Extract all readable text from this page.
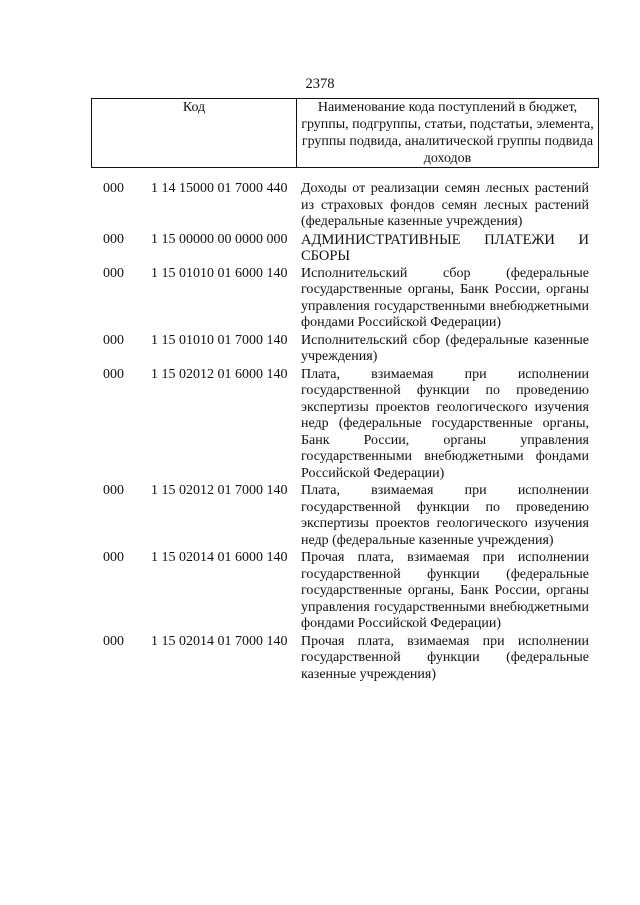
2378
Код	Наименование кода поступлений в бюджет, группы, подгруппы, статьи, подстатьи, элемента, группы подвида, аналитической группы подвида доходов
000	1 14 15000 01 7000 440 Доходы от реализации семян лесных растений из страховых фондов семян лесных растений (федеральные казенные учреждения)
000	1 15 00000 00 0000 000 АДМИНИСТРАТИВНЫЕ ПЛАТЕЖИ И СБОРЫ
000	1 15 01010 01 6000 140 Исполнительский сбор (федеральные государственные органы, Банк России, органы управления государственными внебюджетными фондами Российской Федерации)
000	1 15 01010 01 7000 140 Исполнительский сбор (федеральные казенные учреждения)
000	1 15 02012 01 6000 140 Плата, взимаемая при исполнении государственной функции по проведению экспертизы проектов геологического изучения недр (федеральные государственные органы, Банк России, органы управления государственными внебюджетными фондами Российской Федерации)
000	1 15 02012 01 7000 140 Плата, взимаемая при исполнении государственной функции по проведению экспертизы проектов геологического изучения недр (федеральные казенные учреждения)
000	1 15 02014 01 6000 140 Прочая плата, взимаемая при исполнении государственной функции (федеральные государственные органы, Банк России, органы управления государственными внебюджетными фондами Российской Федерации)
000	1 15 02014 01 7000 140 Прочая плата, взимаемая при исполнении государственной функции (федеральные казенные учреждения)
